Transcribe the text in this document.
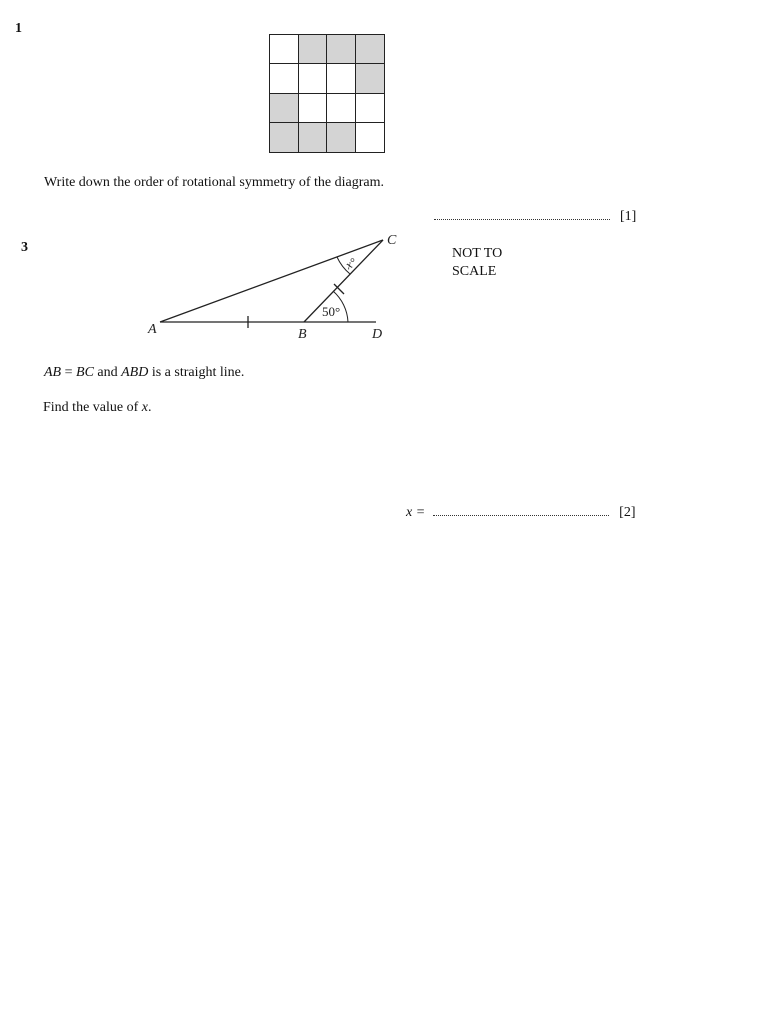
1
Write down the order of rotational symmetry of the diagram.
[1]
3
A	B
C
D
50°
x°
NOT TO
SCALE
AB = BC and ABD is a straight line.
Find the value of x.
x =	[2]
